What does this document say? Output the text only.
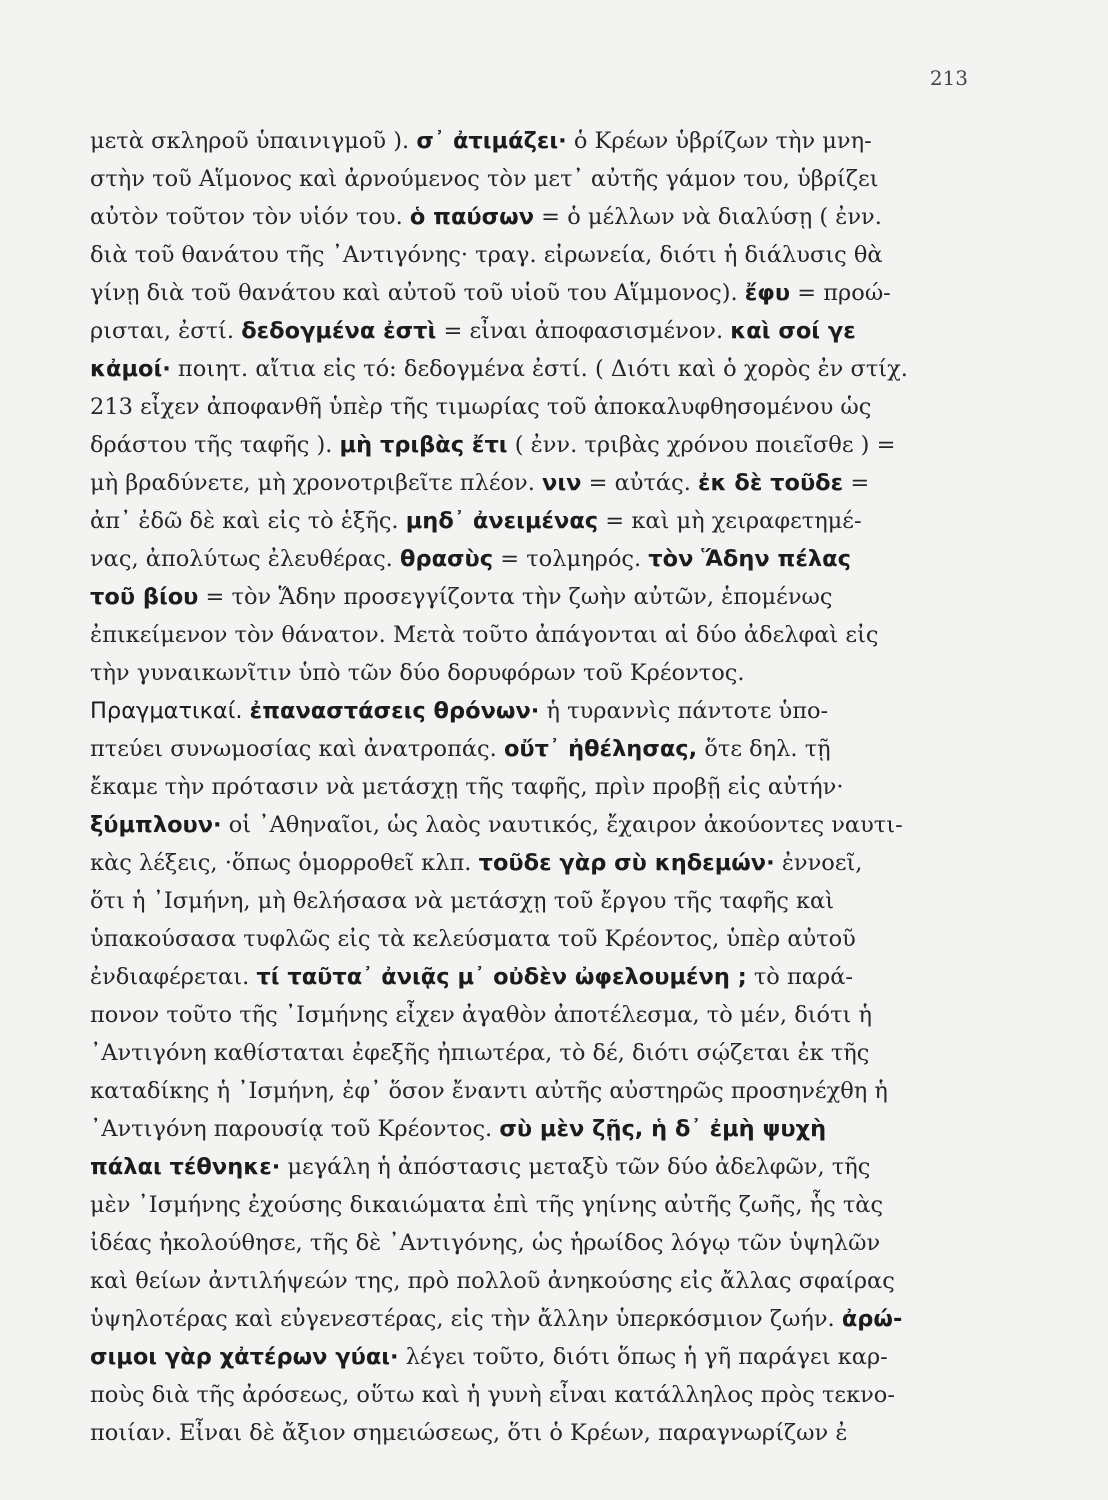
213
μετὰ σκληροῦ ὑπαινιγμοῦ ). σ᾽ ἀτιμάζει· ὁ Κρέων ὑβρίζων τὴν μνη-
στὴν τοῦ Αἵμονος καὶ ἀρνούμενος τὸν μετ᾽ αὐτῆς γάμον του, ὑβρίζει
αὐτὸν τοῦτον τὸν υἱόν του. ὁ παύσων = ὁ μέλλων νὰ διαλύσῃ ( ἐνν.
διὰ τοῦ θανάτου τῆς ᾽Αντιγόνης· τραγ. εἰρωνεία, διότι ἡ διάλυσις θὰ
γίνῃ διὰ τοῦ θανάτου καὶ αὐτοῦ τοῦ υἱοῦ του Αἵμμονος). ἔφυ = προώ-
ρισται, ἐστί. δεδογμένα ἐστὶ = εἶναι ἀποφασισμένον. καὶ σοί γε
κἀμοί· ποιητ. αἴτια εἰς τό: δεδογμένα ἐστί. ( Διότι καὶ ὁ χορὸς ἐν στίχ.
213 εἶχεν ἀποφανθῆ ὑπὲρ τῆς τιμωρίας τοῦ ἀποκαλυφθησομένου ὡς
δράστου τῆς ταφῆς ). μὴ τριβὰς ἔτι ( ἐνν. τριβὰς χρόνου ποιεῖσθε ) =
μὴ βραδύνετε, μὴ χρονοτριβεῖτε πλέον. νιν = αὐτάς. ἐκ δὲ τοῦδε =
ἀπ᾽ ἐδῶ δὲ καὶ εἰς τὸ ἑξῆς. μηδ᾽ ἀνειμένας = καὶ μὴ χειραφετημέ-
νας, ἀπολύτως ἐλευθέρας. θρασὺς = τολμηρός. τὸν Ἅδην πέλας
τοῦ βίου = τὸν Ἅδην προσεγγίζοντα τὴν ζωὴν αὐτῶν, ἑπομένως
ἐπικείμενον τὸν θάνατον. Μετὰ τοῦτο ἀπάγονται αἱ δύο ἀδελφαὶ εἰς
τὴν γυναικωνῖτιν ὑπὸ τῶν δύο δορυφόρων τοῦ Κρέοντος.
Πραγματικαί. ἐπαναστάσεις θρόνων· ἡ τυραννὶς πάντοτε ὑπο-
πτεύει συνωμοσίας καὶ ἀνατροπάς. οὔτ᾽ ἠθέλησας, ὅτε δηλ. τῇ
ἔκαμε τὴν πρότασιν νὰ μετάσχῃ τῆς ταφῆς, πρὶν προβῇ εἰς αὐτήν·
ξύμπλουν· οἱ ᾽Αθηναῖοι, ὡς λαὸς ναυτικός, ἔχαιρον ἀκούοντες ναυτι-
κὰς λέξεις, ·ὅπως ὁμορροθεῖ κλπ. τοῦδε γὰρ σὺ κηδεμών· ἐννοεῖ,
ὅτι ἡ ᾽Ισμήνη, μὴ θελήσασα νὰ μετάσχῃ τοῦ ἔργου τῆς ταφῆς καὶ
ὑπακούσασα τυφλῶς εἰς τὰ κελεύσματα τοῦ Κρέοντος, ὑπὲρ αὐτοῦ
ἐνδιαφέρεται. τί ταῦτα᾽ ἀνιᾷς μ᾽ οὐδὲν ὠφελουμένη ; τὸ παρά-
πονον τοῦτο τῆς ᾽Ισμήνης εἶχεν ἀγαθὸν ἀποτέλεσμα, τὸ μέν, διότι ἡ
᾽Αντιγόνη καθίσταται ἐφεξῆς ἠπιωτέρα, τὸ δέ, διότι σῴζεται ἐκ τῆς
καταδίκης ἡ ᾽Ισμήνη, ἐφ᾽ ὅσον ἔναντι αὐτῆς αὐστηρῶς προσηνέχθη ἡ
᾽Αντιγόνη παρουσίᾳ τοῦ Κρέοντος. σὺ μὲν ζῇς, ἡ δ᾽ ἐμὴ ψυχὴ
πάλαι τέθνηκε· μεγάλη ἡ ἀπόστασις μεταξὺ τῶν δύο ἀδελφῶν, τῆς
μὲν ᾽Ισμήνης ἐχούσης δικαιώματα ἐπὶ τῆς γηίνης αὐτῆς ζωῆς, ἧς τὰς
ἰδέας ἠκολούθησε, τῆς δὲ ᾽Αντιγόνης, ὡς ἡρωίδος λόγῳ τῶν ὑψηλῶν
καὶ θείων ἀντιλήψεών της, πρὸ πολλοῦ ἀνηκούσης εἰς ἄλλας σφαίρας
ὑψηλοτέρας καὶ εὐγενεστέρας, εἰς τὴν ἄλλην ὑπερκόσμιον ζωήν. ἀρώ-
σιμοι γὰρ χἀτέρων γύαι· λέγει τοῦτο, διότι ὅπως ἡ γῆ παράγει καρ-
ποὺς διὰ τῆς ἀρόσεως, οὕτω καὶ ἡ γυνὴ εἶναι κατάλληλος πρὸς τεκνο-
ποιίαν. Εἶναι δὲ ἄξιον σημειώσεως, ὅτι ὁ Κρέων, παραγνωρίζων ἐ
